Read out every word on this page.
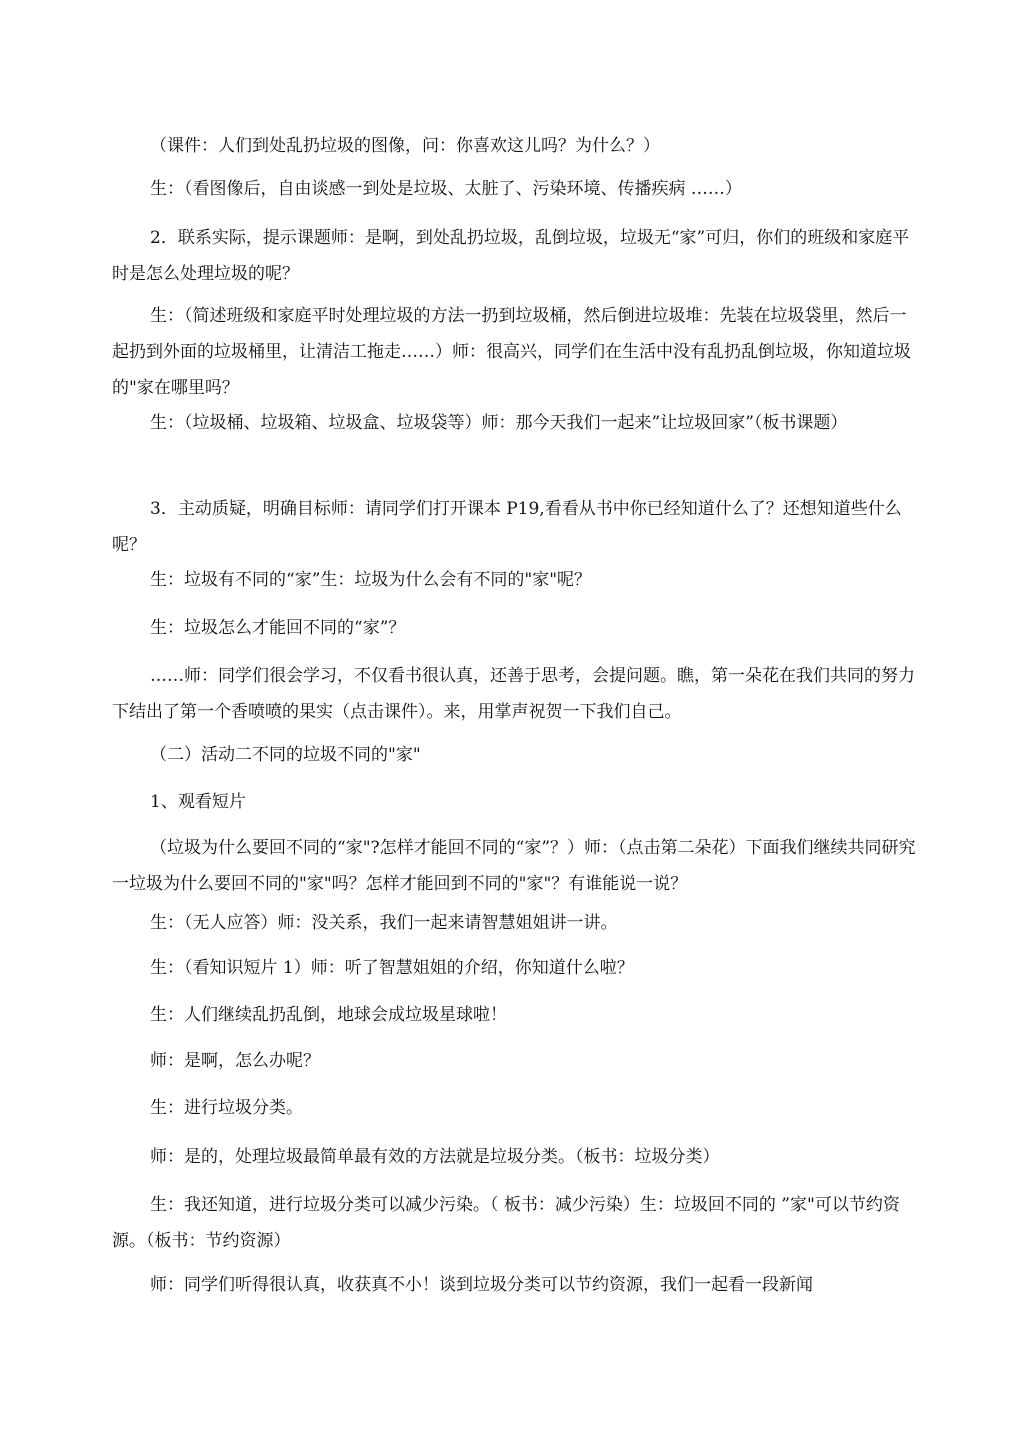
（课件：人们到处乱扔垃圾的图像，问：你喜欢这儿吗？为什么？）

生：（看图像后，自由谈感一到处是垃圾、太脏了、污染环境、传播疾病 ……）

2．联系实际，提示课题师：是啊，到处乱扔垃圾，乱倒垃圾，垃圾无“家”可归，你们的班级和家庭平时是怎么处理垃圾的呢？

生：（简述班级和家庭平时处理垃圾的方法一扔到垃圾桶，然后倒进垃圾堆：先装在垃圾袋里，然后一起扔到外面的垃圾桶里，让清洁工拖走……）师：很高兴，同学们在生活中没有乱扔乱倒垃圾，你知道垃圾的"家在哪里吗？

生：（垃圾桶、垃圾箱、垃圾盒、垃圾袋等）师：那今天我们一起来”让垃圾回家”（板书课题）

3．主动质疑，明确目标师：请同学们打开课本 P19,看看从书中你已经知道什么了？还想知道些什么呢？

生：垃圾有不同的“家”生：垃圾为什么会有不同的"家"呢？

生：垃圾怎么才能回不同的“家”？

……师：同学们很会学习，不仅看书很认真，还善于思考，会提问题。瞧，第一朵花在我们共同的努力下结出了第一个香喷喷的果实（点击课件）。来，用掌声祝贺一下我们自己。

（二）活动二不同的垃圾不同的"家"

1、观看短片

（垃圾为什么要回不同的“家"?怎样才能回不同的“家”？）师：（点击第二朵花）下面我们继续共同研究一垃圾为什么要回不同的"家"吗？怎样才能回到不同的"家"？有谁能说一说？

生：（无人应答）师：没关系，我们一起来请智慧姐姐讲一讲。

生：（看知识短片 1）师：听了智慧姐姐的介绍，你知道什么啦？

生：人们继续乱扔乱倒，地球会成垃圾星球啦！

师：是啊，怎么办呢？

生：进行垃圾分类。

师：是的，处理垃圾最简单最有效的方法就是垃圾分类。（板书：垃圾分类）

生：我还知道，进行垃圾分类可以减少污染。（ 板书：减少污染）生：垃圾回不同的 ”家"可以节约资源。（板书：节约资源）

师：同学们听得很认真，收获真不小！谈到垃圾分类可以节约资源，我们一起看一段新闻
